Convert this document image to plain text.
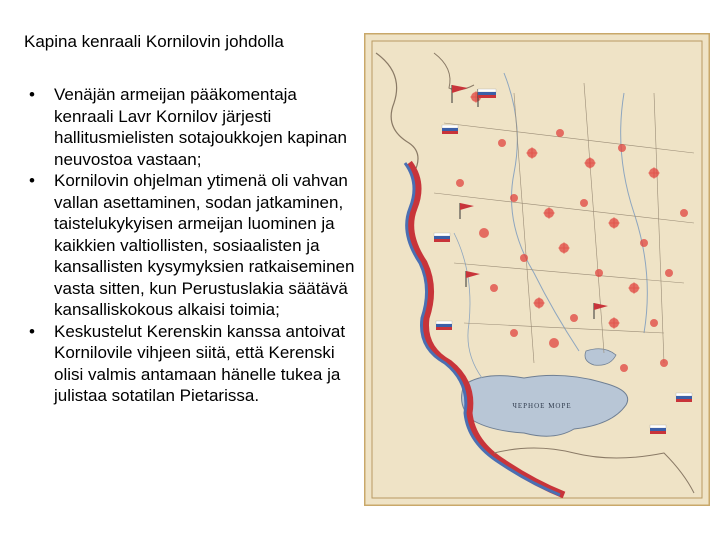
Kapina kenraali Kornilovin johdolla
• Venäjän armeijan pääkomentaja kenraali Lavr Kornilov järjesti hallitusmielisten sotajoukkojen kapinan neuvostoa vastaan;
• Kornilovin ohjelman ytimenä oli vahvan vallan asettaminen, sodan jatkaminen, taistelukykyisen armeijan luominen ja kaikkien valtiollisten, sosiaalisten ja kansallisten kysymyksien ratkaiseminen vasta sitten, kun Perustuslakia säätävä kansalliskokous alkaisi toimia;
• Keskustelut Kerenskin kanssa antoivat Kornilovile vihjeen siitä, että Kerenski olisi valmis antamaan hänelle tukea ja julistaa sotatilan Pietarissa.
ЧЕРНОЕ МОРЕ
